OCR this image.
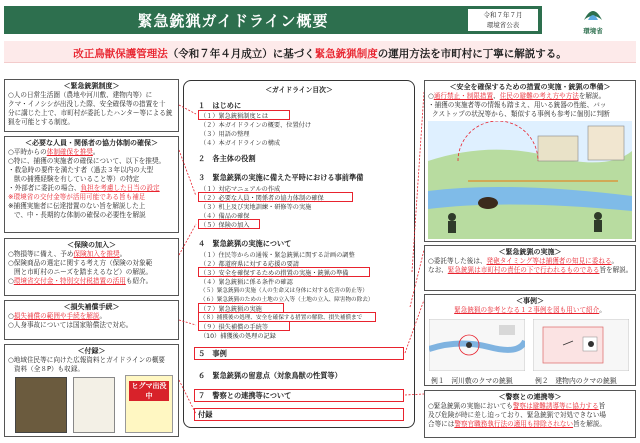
緊急銃猟ガイドライン概要	令和７年７月
環境省公表
環境省
改正鳥獣保護管理法（令和７年４月成立）に基づく緊急銃猟制度の運用方法を市町村に丁寧に解説する。
＜緊急銃猟制度＞
○人の日常生活圏（農地や河川敷、建物内等）に
クマ・イノシシが出没した際、安全確保等の措置を十
分に講じた上で、市町村が委託したハンター等による銃
猟を可能とする制度。
＜必要な人員・関係者の協力体制の確保＞
○平時からの体制確保を推奨。
○特に、捕獲の実施者の確保について、以下を推奨。
・救急時の要件を満たす者（過去３年以内の大型
獣の捕獲経験を有していること等）の特定
・外部者に委託の場合、負担を考慮した日当の設定
※環境省の交付金等が活用可能である旨も補足
※捕獲実施者に伝達措置のない旨を解説した上
で、中・長期的な体制の確保の必要性を解説
＜保険の加入＞
○物損等に備え、予め保険加入を推奨。
○保険商品の選定に関する考え方（保険の対象範
囲と市町村のニーズを踏まえるなど）の解説。
○環境省交付金・特別交付税措置の活用も紹介。
＜損失補償手続＞
○損失補償の範囲や手続を解説。
○人身事故については国家賠償法で対応。
＜付録＞
○地域住民等に向けた広報資料とガイドラインの概要
資料（全８P）も収録。
ヒグマ出没中
＜ガイドライン目次＞
１　はじめに
（１）緊急銃猟制度とは
（２）本ガイドラインの概要、位置付け
（３）用語の整理
（４）本ガイドラインの構成
２　各主体の役割
３　緊急銃猟の実施に備えた平時における事前準備
（１）対応マニュアルの作成
（２）必要な人員・関係者の協力体制の確保
（３）机上及び実地訓練・研修等の実施
（４）備品の確保
（５）保険の加入
４　緊急銃猟の実施について
（１）住民等からの通報・緊急銃猟に関する計画の調整
（２）都道府県に対する応援の要請
（３）安全を確保するための措置の実施・銃猟の準備
（４）緊急銃猟に係る条件の確認
（５）緊急銃猟の実施（人の生命又は身体に対する危害の防止等）
（６）緊急銃猟のための土地の立入等（土地の立入、障害物の除去）
（７）緊急銃猟の実施
（８）捕獲後の処理、安全を確保する措置の解除、損失補償まで
（９）損失補償の手続等
（10）捕獲後の処理の記録
５　事例
６　緊急銃猟の留意点（対象鳥獣の性質等）
７　警察との連携等について
付録
＜安全を確保するための措置の実施・銃猟の準備＞
○通行禁止・制限措置、住民の避難の考え方や方法を解説。
・捕獲の実施者等の情報も踏まえ、用いる銃器の性能、バッ
クストップの状況等から、類似する事例も参考に個別に判断
＜緊急銃猟の実施＞
○委託等した後は、発砲タイミング等は捕獲者の知見に委ねる。
なお、緊急銃猟は市町村の責任の下で行われるものである旨を解説。
＜事例＞
緊急銃猟の参考となる１２事例を図も用いて紹介。
例１　河川敷のクマの銃猟	例２　建物内のクマの銃猟
＜警察との連携等＞
○緊急銃猟の実施においても警察は避難誘導等に協力する旨
及び危険が時に差し迫っており、緊急銃猟で対処できない場
合等には警察官職務執行法の適用も排除されない旨を解説。
